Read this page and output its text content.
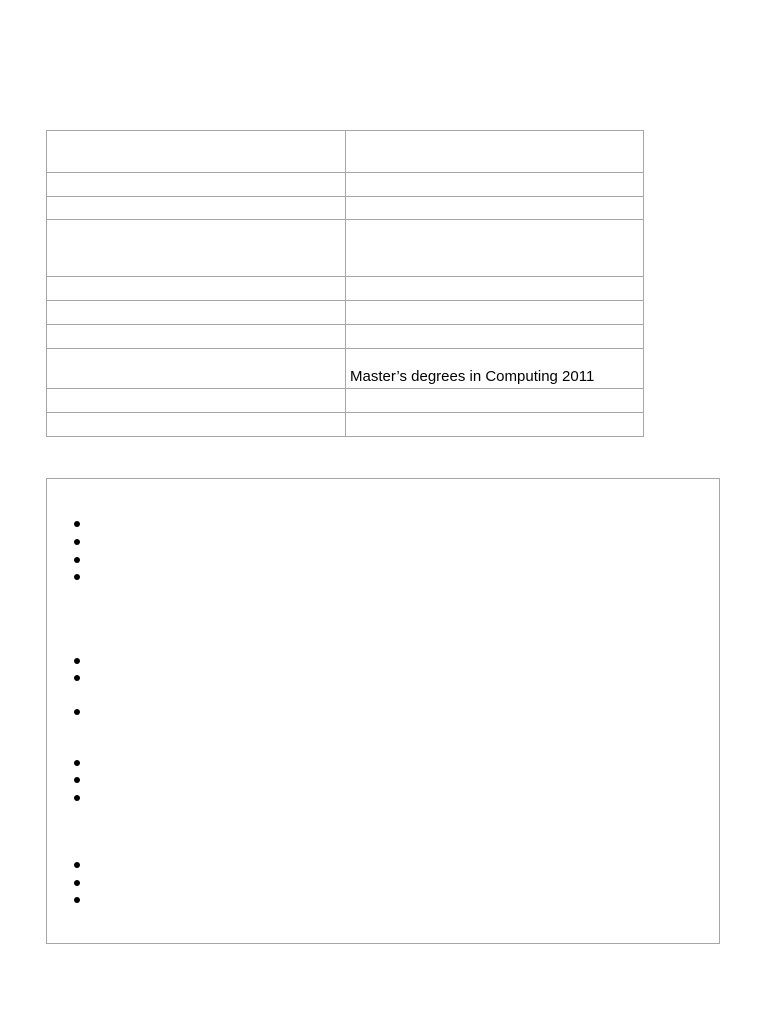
	Master’s degrees in Computing 2011
